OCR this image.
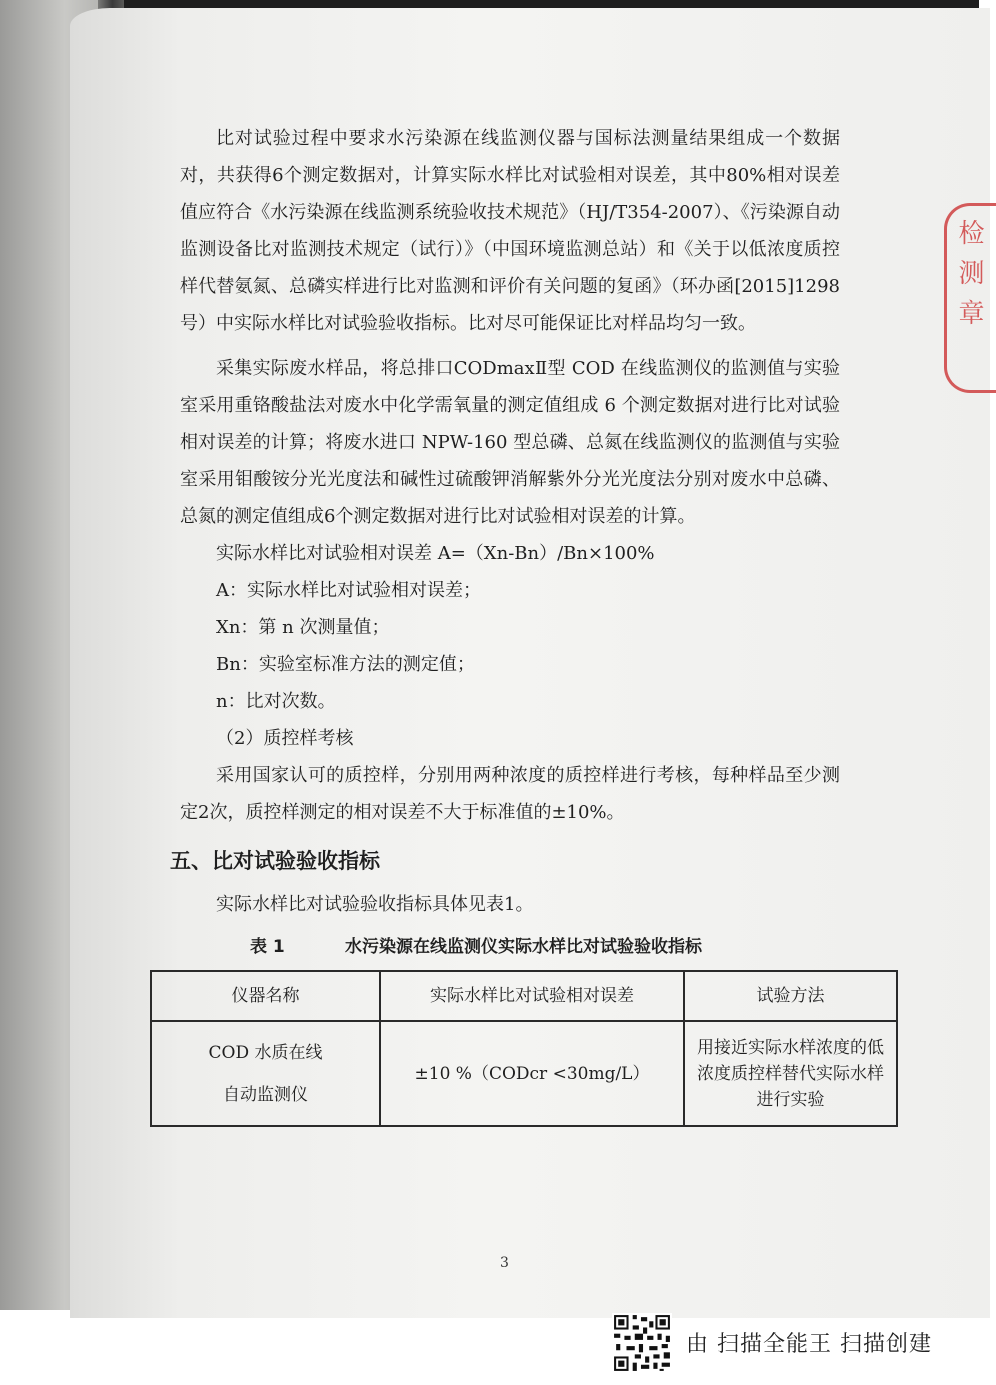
检
测
章

比对试验过程中要求水污染源在线监测仪器与国标法测量结果组成一个数据对，共获得6个测定数据对，计算实际水样比对试验相对误差，其中80%相对误差值应符合《水污染源在线监测系统验收技术规范》（HJ/T354-2007）、《污染源自动监测设备比对监测技术规定（试行）》（中国环境监测总站）和《关于以低浓度质控样代替氨氮、总磷实样进行比对监测和评价有关问题的复函》（环办函[2015]1298 号）中实际水样比对试验验收指标。比对尽可能保证比对样品均匀一致。

采集实际废水样品，将总排口CODmaxⅡ型 COD 在线监测仪的监测值与实验室采用重铬酸盐法对废水中化学需氧量的测定值组成 6 个测定数据对进行比对试验相对误差的计算；将废水进口 NPW-160 型总磷、总氮在线监测仪的监测值与实验室采用钼酸铵分光光度法和碱性过硫酸钾消解紫外分光光度法分别对废水中总磷、总氮的测定值组成6个测定数据对进行比对试验相对误差的计算。

实际水样比对试验相对误差 A=（Xn-Bn）/Bn×100%

A：实际水样比对试验相对误差；

Xn：第 n 次测量值；

Bn：实验室标准方法的测定值；

n：比对次数。

（2）质控样考核

采用国家认可的质控样，分别用两种浓度的质控样进行考核，每种样品至少测定2次，质控样测定的相对误差不大于标准值的±10%。

五、比对试验验收指标

实际水样比对试验验收指标具体见表1。

表 1	水污染源在线监测仪实际水样比对试验验收指标
仪器名称	实际水样比对试验相对误差	试验方法
COD 水质在线
自动监测仪	±10 %（CODcr <30mg/L）	用接近实际水样浓度的低浓度质控样替代实际水样进行实验
3
由 扫描全能王 扫描创建
